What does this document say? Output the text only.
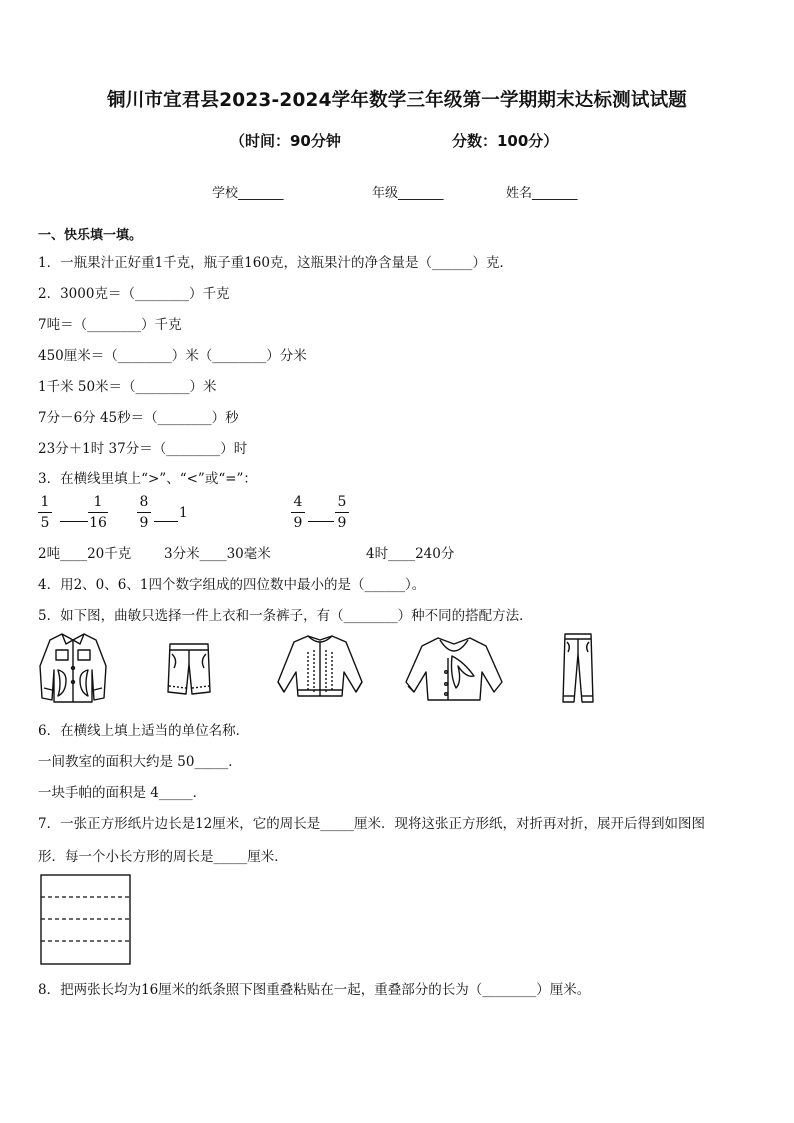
铜川市宜君县2023-2024学年数学三年级第一学期期末达标测试试题
（时间：90分钟	分数：100分）
学校_______	年级_______	姓名_______
一、快乐填一填。
1．一瓶果汁正好重1千克，瓶子重160克，这瓶果汁的净含量是（______）克．
2．3000克＝（________）千克
7吨＝（________）千克
450厘米＝（________）米（________）分米
1千米 50米＝（________）米
7分－6分 45秒＝（________）秒
23分＋1时 37分＝（________）时
3．在横线里填上“>”、“<”或“=”：
1
5
1
16
8
9
1
4
9
5
9
2吨____20千克 3分米____30毫米	4时____240分
4．用2、0、6、1四个数字组成的四位数中最小的是（______）。
5．如下图，曲敏只选择一件上衣和一条裤子，有（________）种不同的搭配方法．
6．在横线上填上适当的单位名称．
一间教室的面积大约是 50_____．
一块手帕的面积是 4_____．
7．一张正方形纸片边长是12厘米，它的周长是_____厘米．现将这张正方形纸，对折再对折，展开后得到如图图
形．每一个小长方形的周长是_____厘米．
8．把两张长均为16厘米的纸条照下图重叠粘贴在一起，重叠部分的长为（________）厘米。
